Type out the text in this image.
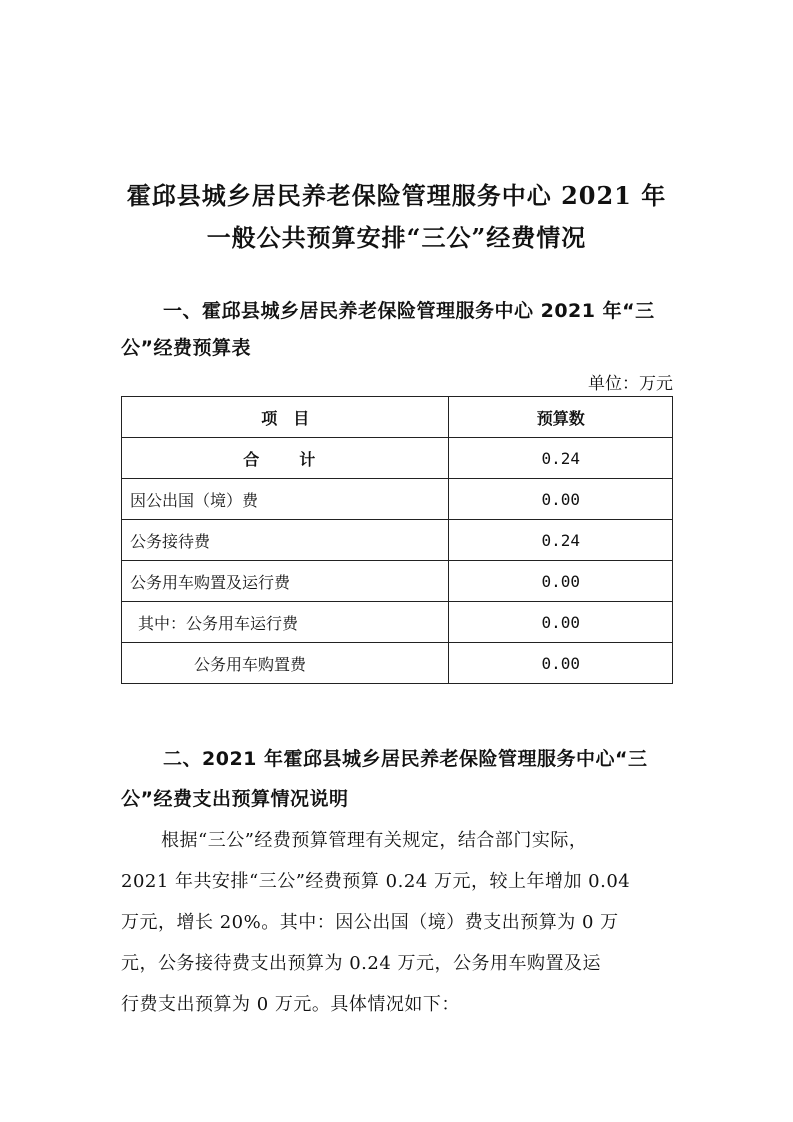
霍邱县城乡居民养老保险管理服务中心 2021 年
一般公共预算安排“三公”经费情况
一、霍邱县城乡居民养老保险管理服务中心 2021 年“三
公”经费预算表
单位：万元
项　目	预算数
合　计	0.24
因公出国（境）费	0.00
公务接待费	0.24
公务用车购置及运行费	0.00
其中：公务用车运行费	0.00
公务用车购置费	0.00
二、2021 年霍邱县城乡居民养老保险管理服务中心“三
公”经费支出预算情况说明
根据“三公”经费预算管理有关规定，结合部门实际，
2021 年共安排“三公”经费预算 0.24 万元，较上年增加 0.04
万元，增长 20%。其中：因公出国（境）费支出预算为 0 万
元，公务接待费支出预算为 0.24 万元，公务用车购置及运
行费支出预算为 0 万元。具体情况如下：
